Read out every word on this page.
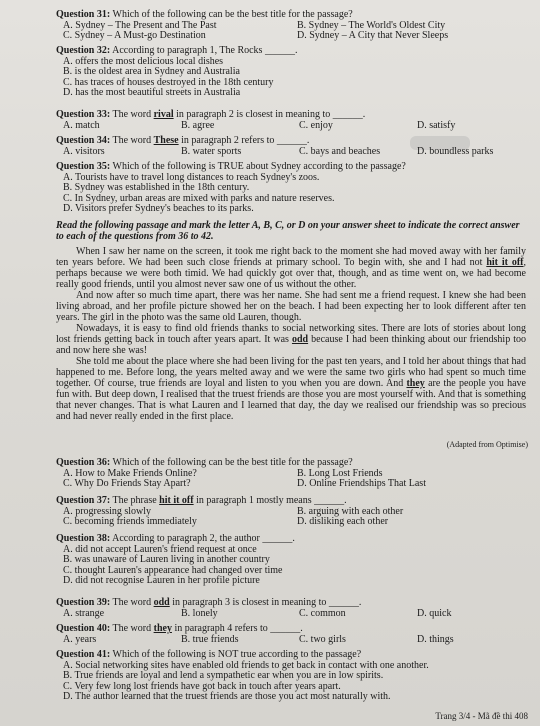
Question 31: Which of the following can be the best title for the passage?
A. Sydney – The Present and The Past	B. Sydney – The World's Oldest City
C. Sydney – A Must-go Destination	D. Sydney – A City that Never Sleeps
Question 32: According to paragraph 1, The Rocks ______.
A. offers the most delicious local dishes
B. is the oldest area in Sydney and Australia
C. has traces of houses destroyed in the 18th century
D. has the most beautiful streets in Australia
Question 33: The word rival in paragraph 2 is closest in meaning to ______.
A. match	B. agree	C. enjoy	D. satisfy
Question 34: The word These in paragraph 2 refers to ______.
A. visitors	B. water sports	C. bays and beaches	D. boundless parks
Question 35: Which of the following is TRUE about Sydney according to the passage?
A. Tourists have to travel long distances to reach Sydney's zoos.
B. Sydney was established in the 18th century.
C. In Sydney, urban areas are mixed with parks and nature reserves.
D. Visitors prefer Sydney's beaches to its parks.
Read the following passage and mark the letter A, B, C, or D on your answer sheet to indicate the correct answer to each of the questions from 36 to 42.

When I saw her name on the screen, it took me right back to the moment she had moved away with her family ten years before. We had been such close friends at primary school. To begin with, she and I had not hit it off, perhaps because we were both timid. We had quickly got over that, though, and as time went on, we had become really good friends, until you almost never saw one of us without the other.

And now after so much time apart, there was her name. She had sent me a friend request. I knew she had been living abroad, and her profile picture showed her on the beach. I had been expecting her to look different after ten years. The girl in the photo was the same old Lauren, though.

Nowadays, it is easy to find old friends thanks to social networking sites. There are lots of stories about long lost friends getting back in touch after years apart. It was odd because I had been thinking about our friendship too and now here she was!

She told me about the place where she had been living for the past ten years, and I told her about things that had happened to me. Before long, the years melted away and we were the same two girls who had spent so much time together. Of course, true friends are loyal and listen to you when you are down. And they are the people you have fun with. But deep down, I realised that the truest friends are those you are most yourself with. And that is something that never changes. That is what Lauren and I learned that day, the day we realised our friendship was so precious and had never really ended in the first place.

(Adapted from Optimise)
Question 36: Which of the following can be the best title for the passage?
A. How to Make Friends Online?	B. Long Lost Friends
C. Why Do Friends Stay Apart?	D. Online Friendships That Last
Question 37: The phrase hit it off in paragraph 1 mostly means ______.
A. progressing slowly	B. arguing with each other
C. becoming friends immediately	D. disliking each other
Question 38: According to paragraph 2, the author ______.
A. did not accept Lauren's friend request at once
B. was unaware of Lauren living in another country
C. thought Lauren's appearance had changed over time
D. did not recognise Lauren in her profile picture
Question 39: The word odd in paragraph 3 is closest in meaning to ______.
A. strange	B. lonely	C. common	D. quick
Question 40: The word they in paragraph 4 refers to ______.
A. years	B. true friends	C. two girls	D. things
Question 41: Which of the following is NOT true according to the passage?
A. Social networking sites have enabled old friends to get back in contact with one another.
B. True friends are loyal and lend a sympathetic ear when you are in low spirits.
C. Very few long lost friends have got back in touch after years apart.
D. The author learned that the truest friends are those you act most naturally with.
Trang 3/4 - Mã đề thi 408
